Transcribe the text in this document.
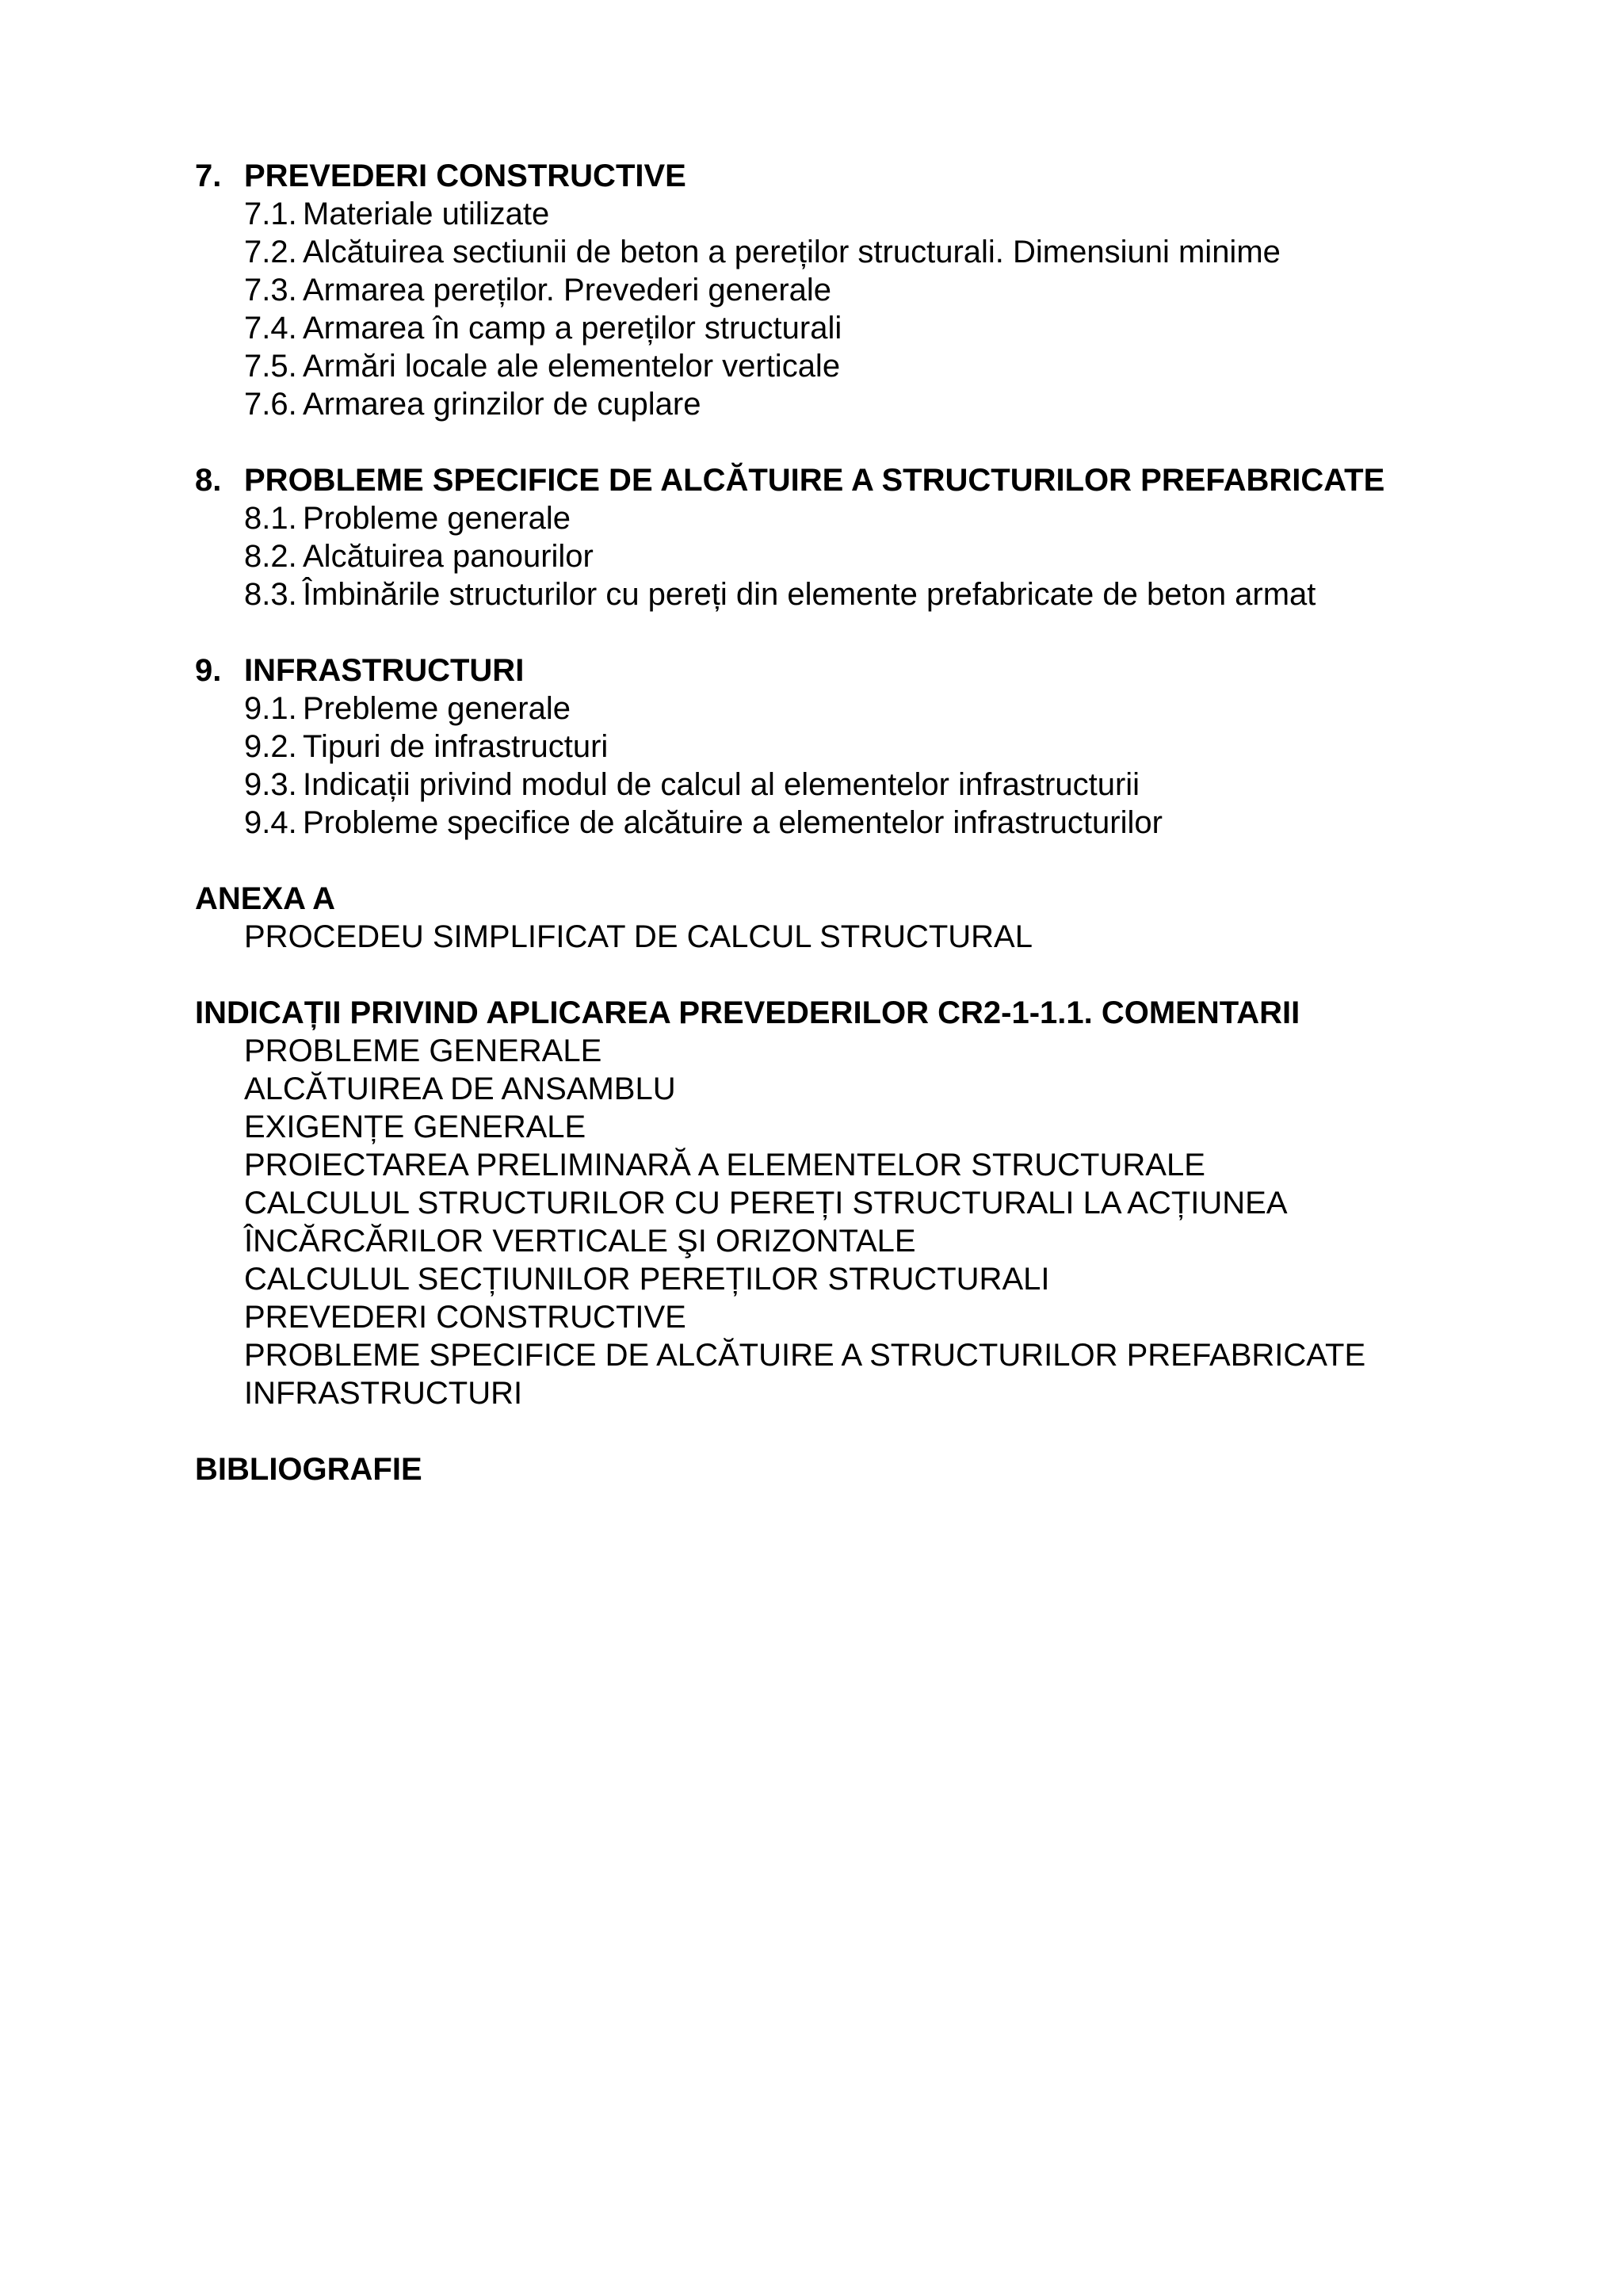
7. PREVEDERI CONSTRUCTIVE
7.1. Materiale utilizate
7.2. Alcătuirea sectiunii de beton a pereților structurali. Dimensiuni minime
7.3. Armarea pereților. Prevederi generale
7.4. Armarea în camp a pereților structurali
7.5. Armări locale ale elementelor verticale
7.6. Armarea grinzilor de cuplare
8. PROBLEME SPECIFICE DE ALCĂTUIRE A STRUCTURILOR PREFABRICATE
8.1. Probleme generale
8.2. Alcătuirea panourilor
8.3. Îmbinările structurilor cu pereți din elemente prefabricate de beton armat
9. INFRASTRUCTURI
9.1. Prebleme generale
9.2. Tipuri de infrastructuri
9.3. Indicații privind modul de calcul al elementelor infrastructurii
9.4. Probleme specifice de alcătuire a elementelor infrastructurilor
ANEXA A
PROCEDEU SIMPLIFICAT DE CALCUL STRUCTURAL
INDICAȚII PRIVIND APLICAREA PREVEDERILOR CR2-1-1.1. COMENTARII
PROBLEME GENERALE
ALCĂTUIREA DE ANSAMBLU
EXIGENȚE GENERALE
PROIECTAREA PRELIMINARĂ A ELEMENTELOR STRUCTURALE
CALCULUL STRUCTURILOR CU PEREȚI STRUCTURALI LA ACȚIUNEA
ÎNCĂRCĂRILOR VERTICALE ŞI ORIZONTALE
CALCULUL SECȚIUNILOR PEREȚILOR STRUCTURALI
PREVEDERI CONSTRUCTIVE
PROBLEME SPECIFICE DE ALCĂTUIRE A STRUCTURILOR PREFABRICATE
INFRASTRUCTURI
BIBLIOGRAFIE
